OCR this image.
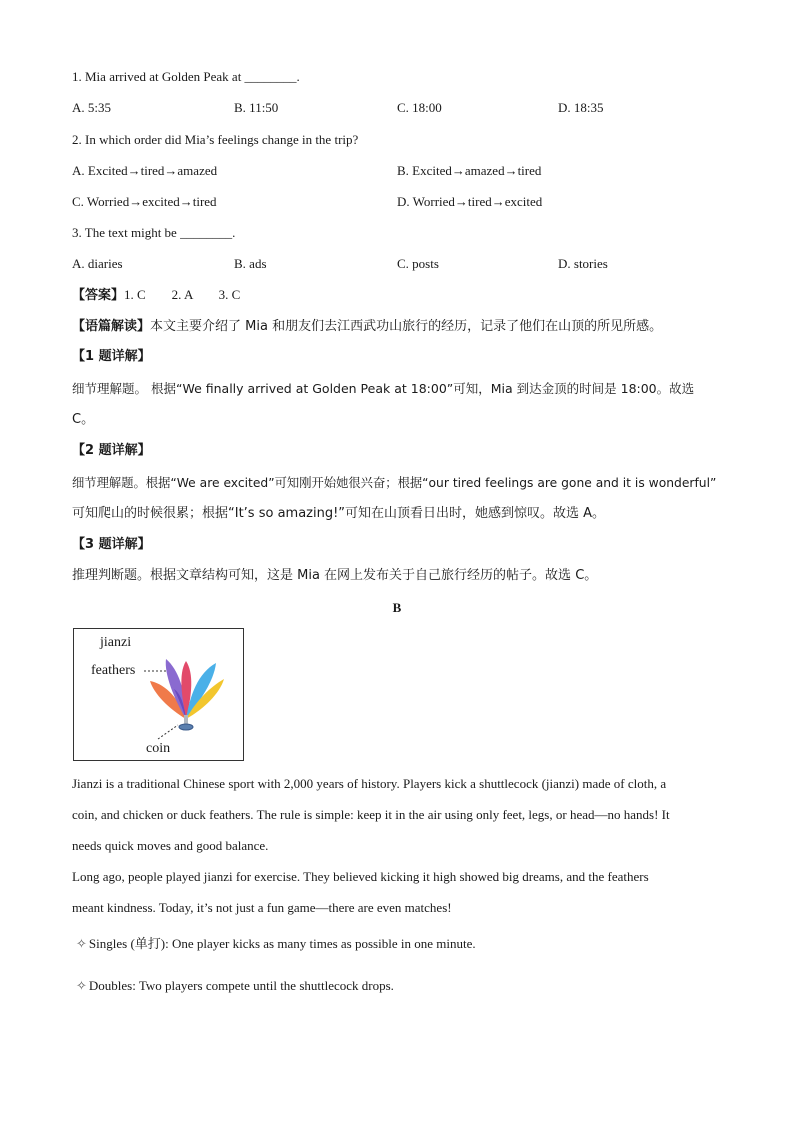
1. Mia arrived at Golden Peak at ________.
A. 5:35	B. 11:50	C. 18:00	D. 18:35
2. In which order did Mia’s feelings change in the trip?
A. Excited→tired→amazed	B. Excited→amazed→tired
C. Worried→excited→tired	D. Worried→tired→excited
3. The text might be ________.
A. diaries	B. ads	C. posts	D. stories
【答案】1. C        2. A        3. C
【语篇解读】本文主要介绍了 Mia 和朋友们去江西武功山旅行的经历，记录了他们在山顶的所见所感。
【1 题详解】
细节理解题。 根据“We finally arrived at Golden Peak at 18:00”可知，Mia 到达金顶的时间是 18:00。故选
C。
【2 题详解】
细节理解题。根据“We are excited”可知刚开始她很兴奋；根据“our tired feelings are gone and it is wonderful”
可知爬山的时候很累；根据“It’s so amazing!”可知在山顶看日出时，她感到惊叹。故选 A。
【3 题详解】
推理判断题。根据文章结构可知，这是 Mia 在网上发布关于自己旅行经历的帖子。故选 C。
B
jianzi
feathers
coin
Jianzi is a traditional Chinese sport with 2,000 years of history. Players kick a shuttlecock (jianzi) made of cloth, a
coin, and chicken or duck feathers. The rule is simple: keep it in the air using only feet, legs, or head—no hands! It
needs quick moves and good balance.
Long ago, people played jianzi for exercise. They believed kicking it high showed big dreams, and the feathers
meant kindness. Today, it’s not just a fun game—there are even matches!
✧ Singles (单打): One player kicks as many times as possible in one minute.
✧ Doubles: Two players compete until the shuttlecock drops.
